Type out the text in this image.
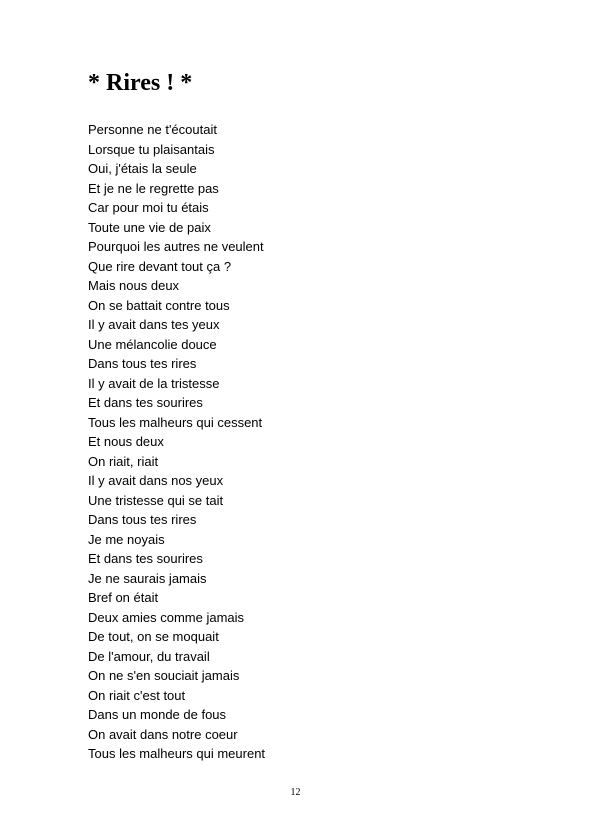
* Rires ! *
Personne ne t'écoutait
Lorsque tu plaisantais
Oui, j'étais la seule
Et je ne le regrette pas
Car pour moi tu étais
Toute une vie de paix
Pourquoi les autres ne veulent
Que rire devant tout ça ?
Mais nous deux
On se battait contre tous
Il y avait dans tes yeux
Une mélancolie douce
Dans tous tes rires
Il y avait de la tristesse
Et dans tes sourires
Tous les malheurs qui cessent
Et nous deux
On riait, riait
Il y avait dans nos yeux
Une tristesse qui se tait
Dans tous tes rires
Je me noyais
Et dans tes sourires
Je ne saurais jamais
Bref on était
Deux amies comme jamais
De tout, on se moquait
De l'amour, du travail
On ne s'en souciait jamais
On riait c'est tout
Dans un monde de fous
On avait dans notre coeur
Tous les malheurs qui meurent
12
